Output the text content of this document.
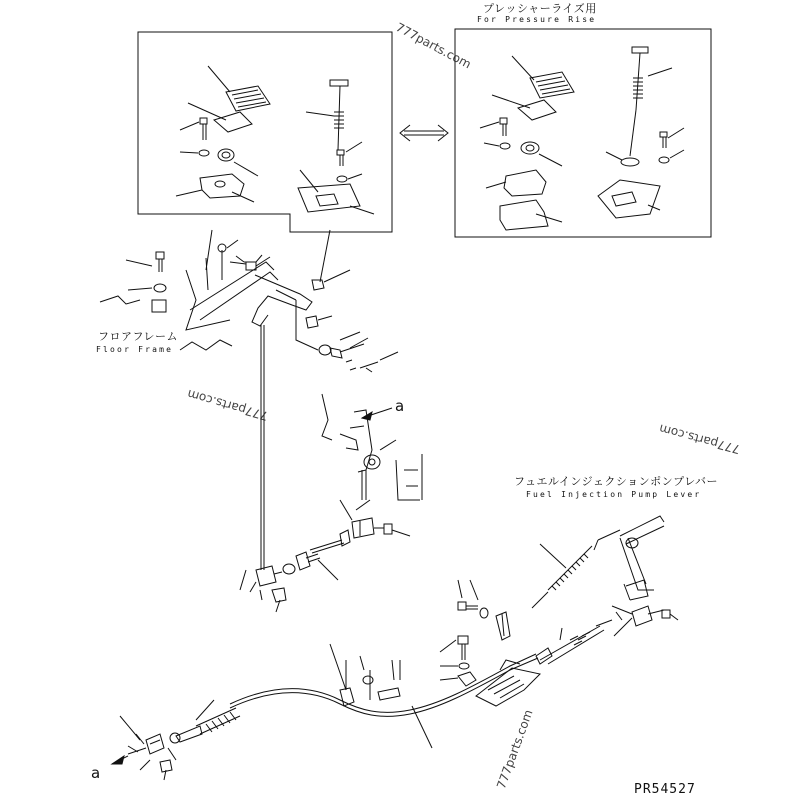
プレッシャーライズ用
For Pressure Rise
フロアフレーム
Floor Frame
フュエルインジェクションポンプレバー
Fuel Injection Pump Lever
a
a
PR54527
777parts.com
777parts.com
777parts.com
777parts.com
